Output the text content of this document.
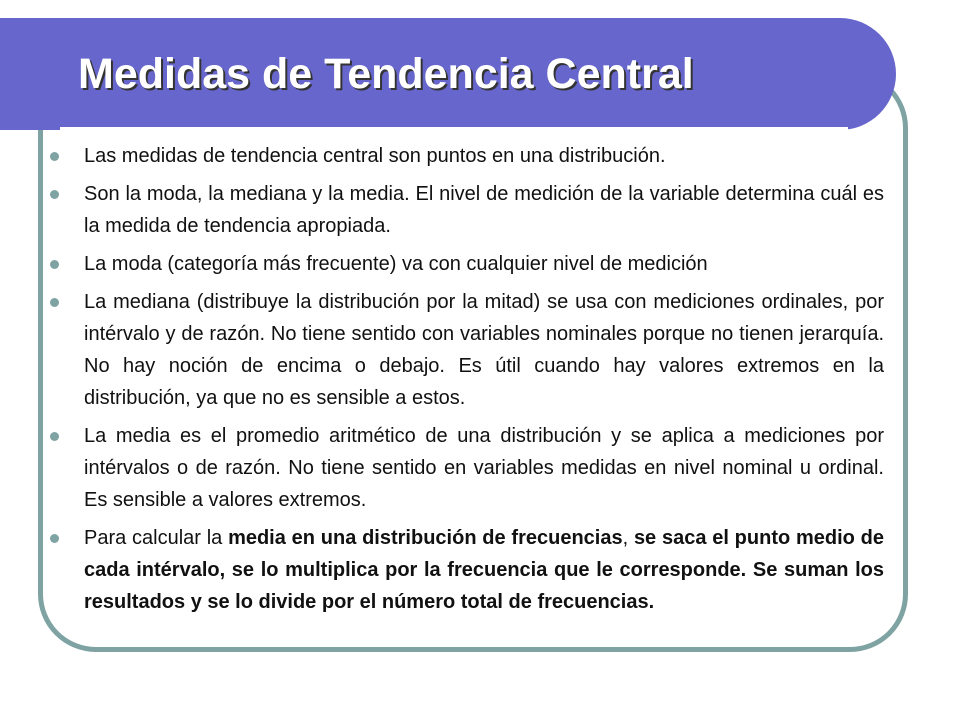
Medidas de Tendencia Central
Las medidas de tendencia central son puntos en una distribución.
Son la moda, la mediana y la media. El nivel de medición de la variable determina cuál es la medida de tendencia apropiada.
La moda (categoría más frecuente) va con cualquier nivel de medición
La mediana (distribuye la distribución por la mitad) se usa con mediciones ordinales, por intérvalo y de razón. No tiene sentido con variables nominales porque no tienen jerarquía. No hay noción de encima o debajo. Es útil cuando hay valores extremos en la distribución, ya que no es sensible a estos.
La media es el promedio aritmético de una distribución y se aplica a mediciones por intérvalos o de razón. No tiene sentido en variables medidas en nivel nominal u ordinal. Es sensible a valores extremos.
Para calcular la media en una distribución de frecuencias, se saca el punto medio de cada intérvalo, se lo multiplica por la frecuencia que le corresponde. Se suman los resultados y se lo divide por el número total de frecuencias.
